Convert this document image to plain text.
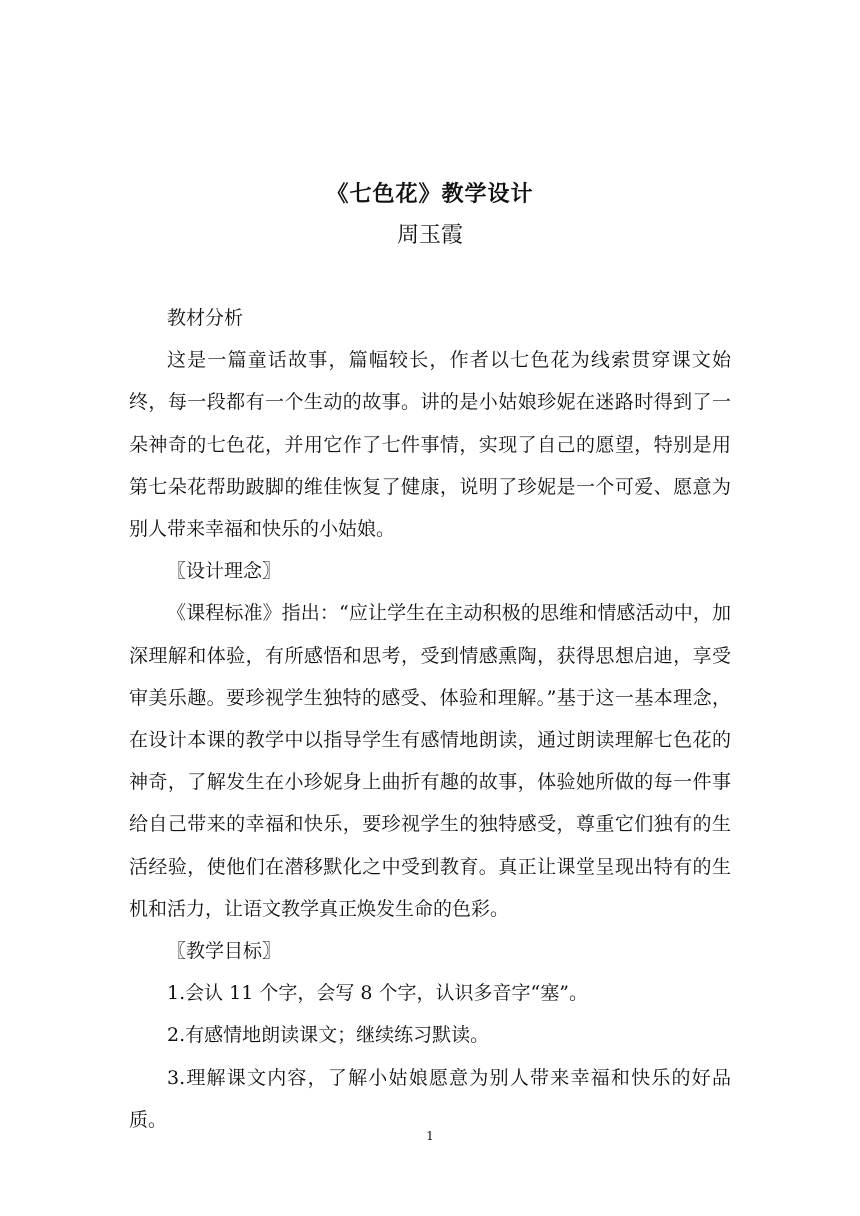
《七色花》教学设计
周玉霞

教材分析

这是一篇童话故事，篇幅较长，作者以七色花为线索贯穿课文始终，每一段都有一个生动的故事。讲的是小姑娘珍妮在迷路时得到了一朵神奇的七色花，并用它作了七件事情，实现了自己的愿望，特别是用第七朵花帮助跛脚的维佳恢复了健康，说明了珍妮是一个可爱、愿意为别人带来幸福和快乐的小姑娘。

〖设计理念〗

《课程标准》指出：“应让学生在主动积极的思维和情感活动中，加深理解和体验，有所感悟和思考，受到情感熏陶，获得思想启迪，享受审美乐趣。要珍视学生独特的感受、体验和理解。”基于这一基本理念，在设计本课的教学中以指导学生有感情地朗读，通过朗读理解七色花的神奇，了解发生在小珍妮身上曲折有趣的故事，体验她所做的每一件事给自己带来的幸福和快乐，要珍视学生的独特感受，尊重它们独有的生活经验，使他们在潜移默化之中受到教育。真正让课堂呈现出特有的生机和活力，让语文教学真正焕发生命的色彩。

〖教学目标〗

1.会认 11 个字，会写 8 个字，认识多音字“塞”。

2.有感情地朗读课文；继续练习默读。

3.理解课文内容，了解小姑娘愿意为别人带来幸福和快乐的好品质。

1
